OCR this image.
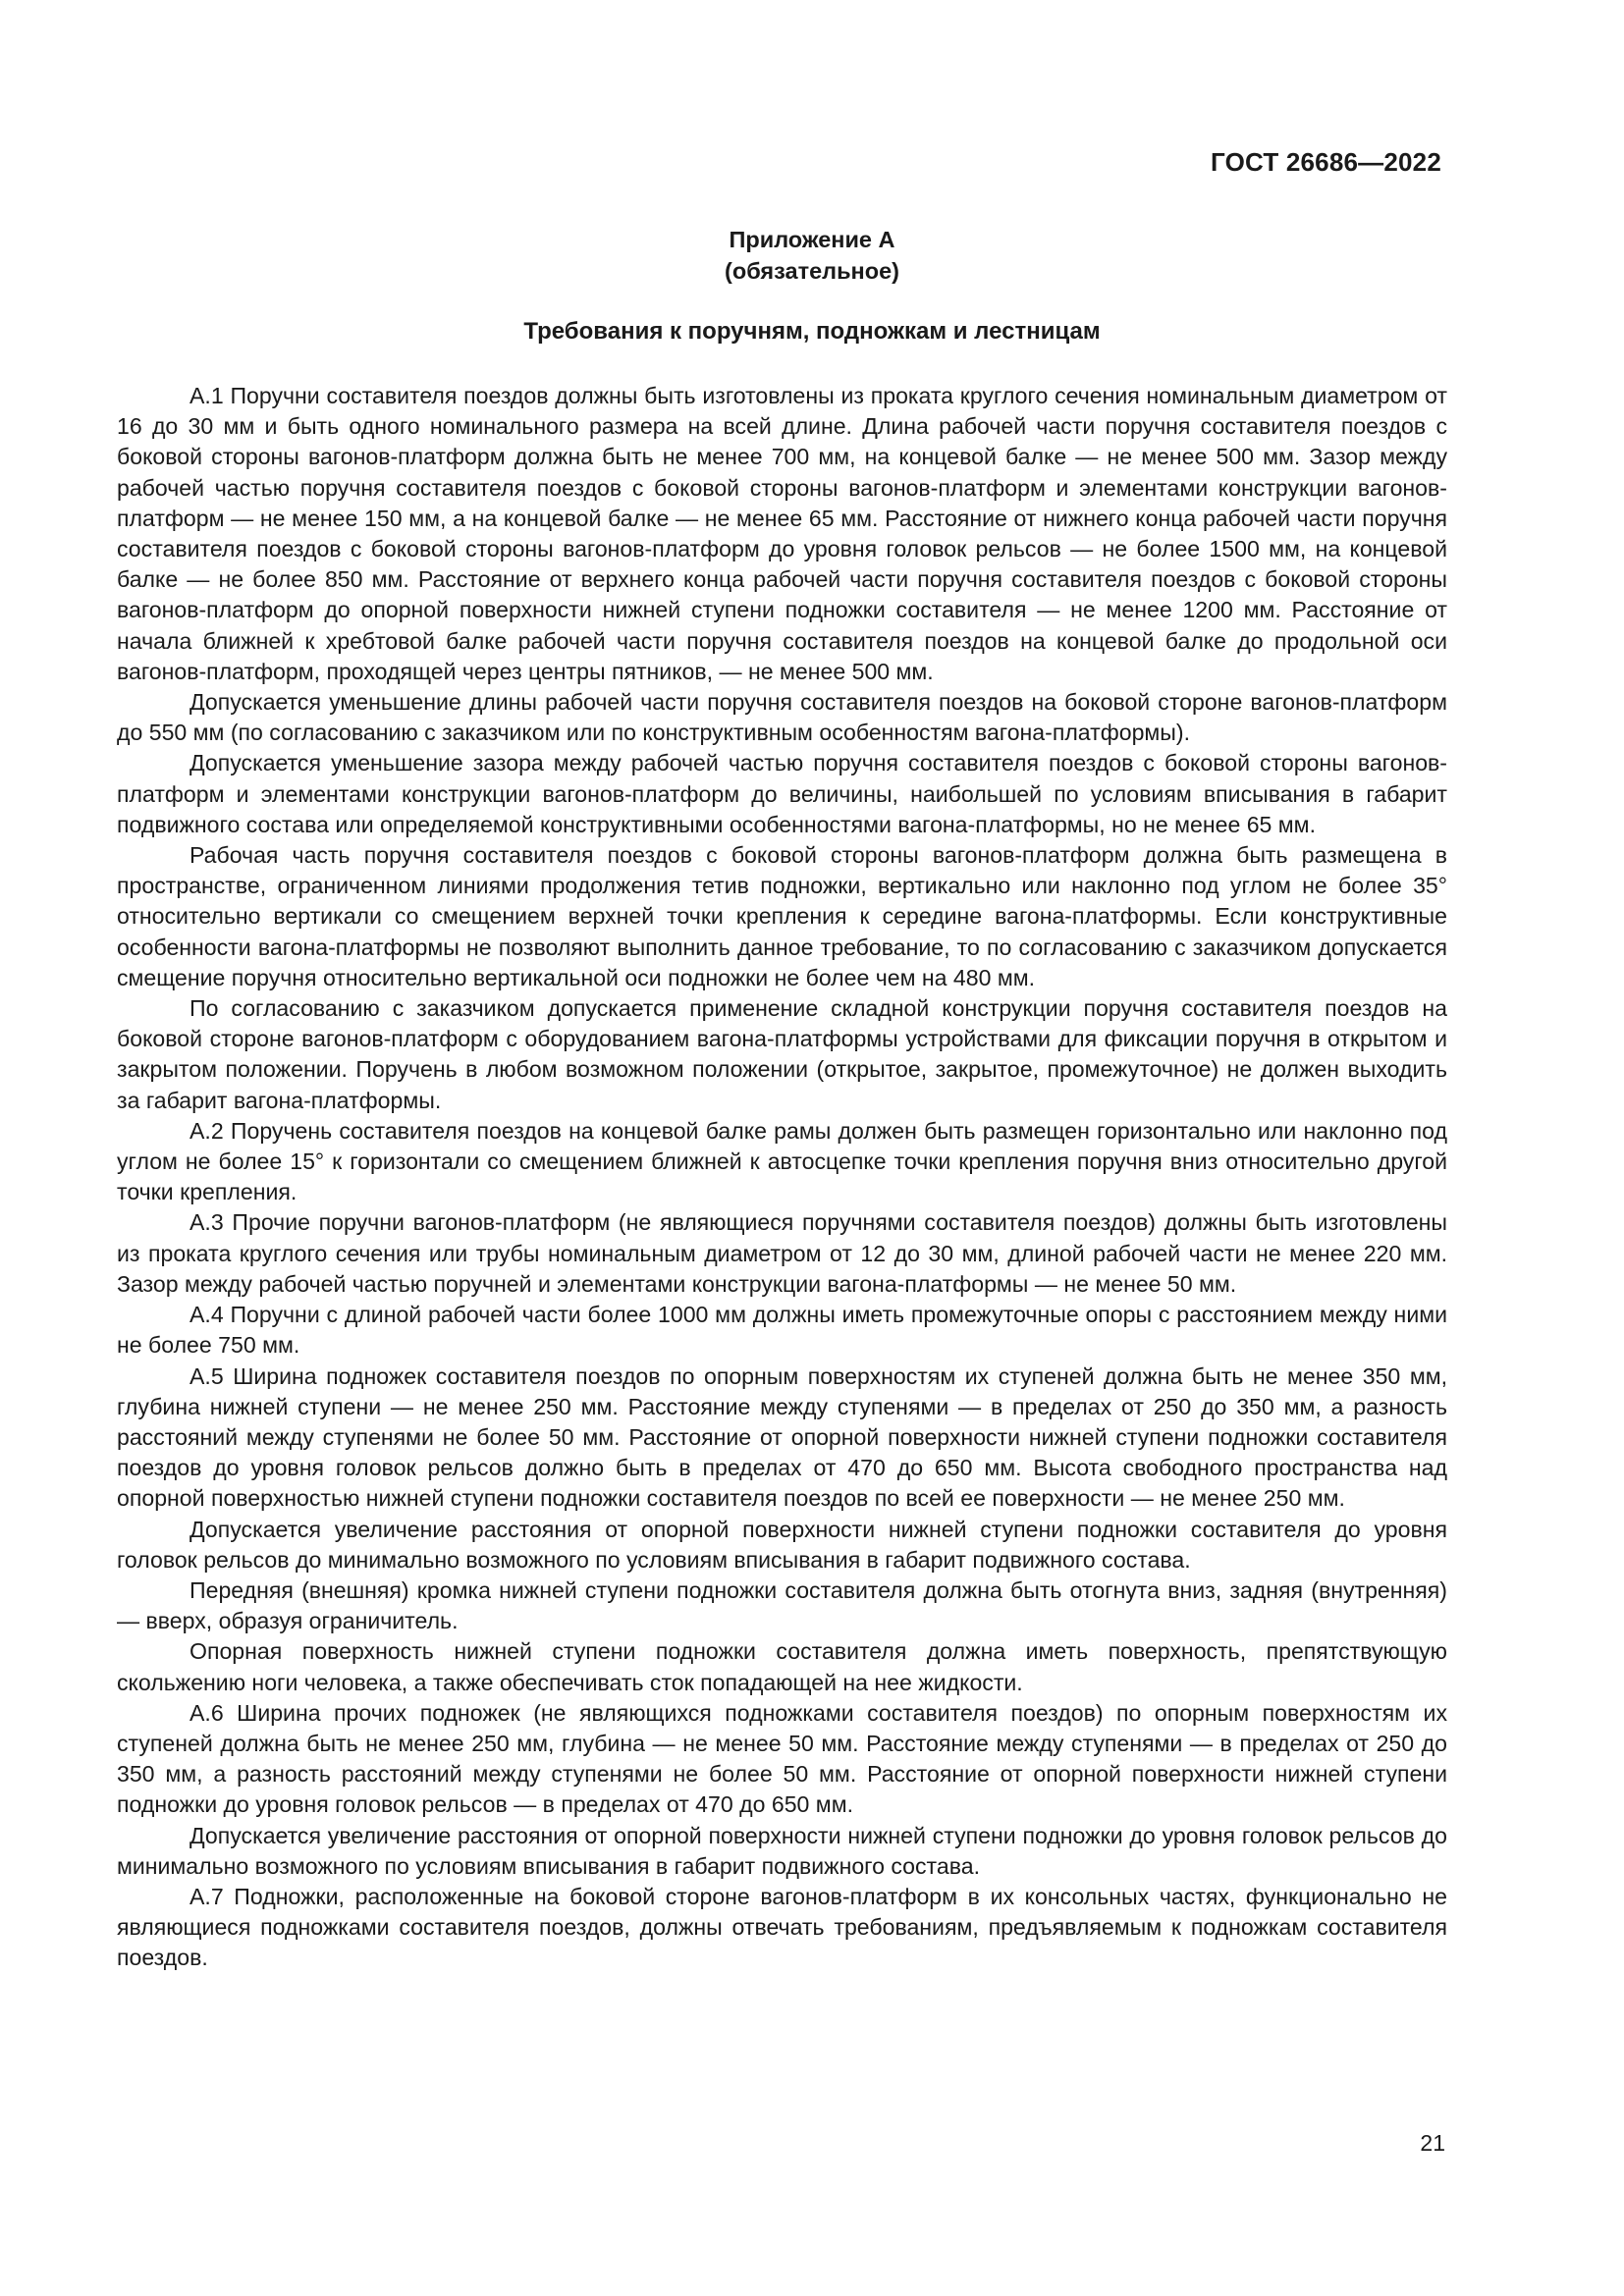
ГОСТ 26686—2022
Приложение А
(обязательное)
Требования к поручням, подножкам и лестницам

А.1 Поручни составителя поездов должны быть изготовлены из проката круглого сечения номинальным диаметром от 16 до 30 мм и быть одного номинального размера на всей длине. Длина рабочей части поручня составителя поездов с боковой стороны вагонов-платформ должна быть не менее 700 мм, на концевой балке — не менее 500 мм. Зазор между рабочей частью поручня составителя поездов с боковой стороны вагонов-платформ и элементами конструкции вагонов-платформ — не менее 150 мм, а на концевой балке — не менее 65 мм. Расстояние от нижнего конца рабочей части поручня составителя поездов с боковой стороны вагонов-платформ до уровня головок рельсов — не более 1500 мм, на концевой балке — не более 850 мм. Расстояние от верхнего конца рабочей части поручня составителя поездов с боковой стороны вагонов-платформ до опорной поверхности нижней ступени подножки составителя — не менее 1200 мм. Расстояние от начала ближней к хребтовой балке рабочей части поручня составителя поездов на концевой балке до продольной оси вагонов-платформ, проходящей через центры пятников, — не менее 500 мм.

Допускается уменьшение длины рабочей части поручня составителя поездов на боковой стороне вагонов-платформ до 550 мм (по согласованию с заказчиком или по конструктивным особенностям вагона-платформы).

Допускается уменьшение зазора между рабочей частью поручня составителя поездов с боковой стороны вагонов-платформ и элементами конструкции вагонов-платформ до величины, наибольшей по условиям вписывания в габарит подвижного состава или определяемой конструктивными особенностями вагона-платформы, но не менее 65 мм.

Рабочая часть поручня составителя поездов с боковой стороны вагонов-платформ должна быть размещена в пространстве, ограниченном линиями продолжения тетив подножки, вертикально или наклонно под углом не более 35° относительно вертикали со смещением верхней точки крепления к середине вагона-платформы. Если конструктивные особенности вагона-платформы не позволяют выполнить данное требование, то по согласованию с заказчиком допускается смещение поручня относительно вертикальной оси подножки не более чем на 480 мм.

По согласованию с заказчиком допускается применение складной конструкции поручня составителя поездов на боковой стороне вагонов-платформ с оборудованием вагона-платформы устройствами для фиксации поручня в открытом и закрытом положении. Поручень в любом возможном положении (открытое, закрытое, промежуточное) не должен выходить за габарит вагона-платформы.

А.2 Поручень составителя поездов на концевой балке рамы должен быть размещен горизонтально или наклонно под углом не более 15° к горизонтали со смещением ближней к автосцепке точки крепления поручня вниз относительно другой точки крепления.

А.3 Прочие поручни вагонов-платформ (не являющиеся поручнями составителя поездов) должны быть изготовлены из проката круглого сечения или трубы номинальным диаметром от 12 до 30 мм, длиной рабочей части не менее 220 мм. Зазор между рабочей частью поручней и элементами конструкции вагона-платформы — не менее 50 мм.

А.4 Поручни с длиной рабочей части более 1000 мм должны иметь промежуточные опоры с расстоянием между ними не более 750 мм.

А.5 Ширина подножек составителя поездов по опорным поверхностям их ступеней должна быть не менее 350 мм, глубина нижней ступени — не менее 250 мм. Расстояние между ступенями — в пределах от 250 до 350 мм, а разность расстояний между ступенями не более 50 мм. Расстояние от опорной поверхности нижней ступени подножки составителя поездов до уровня головок рельсов должно быть в пределах от 470 до 650 мм. Высота свободного пространства над опорной поверхностью нижней ступени подножки составителя поездов по всей ее поверхности — не менее 250 мм.

Допускается увеличение расстояния от опорной поверхности нижней ступени подножки составителя до уровня головок рельсов до минимально возможного по условиям вписывания в габарит подвижного состава.

Передняя (внешняя) кромка нижней ступени подножки составителя должна быть отогнута вниз, задняя (внутренняя) — вверх, образуя ограничитель.

Опорная поверхность нижней ступени подножки составителя должна иметь поверхность, препятствующую скольжению ноги человека, а также обеспечивать сток попадающей на нее жидкости.

А.6 Ширина прочих подножек (не являющихся подножками составителя поездов) по опорным поверхностям их ступеней должна быть не менее 250 мм, глубина — не менее 50 мм. Расстояние между ступенями — в пределах от 250 до 350 мм, а разность расстояний между ступенями не более 50 мм. Расстояние от опорной поверхности нижней ступени подножки до уровня головок рельсов — в пределах от 470 до 650 мм.

Допускается увеличение расстояния от опорной поверхности нижней ступени подножки до уровня головок рельсов до минимально возможного по условиям вписывания в габарит подвижного состава.

А.7 Подножки, расположенные на боковой стороне вагонов-платформ в их консольных частях, функционально не являющиеся подножками составителя поездов, должны отвечать требованиям, предъявляемым к подножкам составителя поездов.

21
